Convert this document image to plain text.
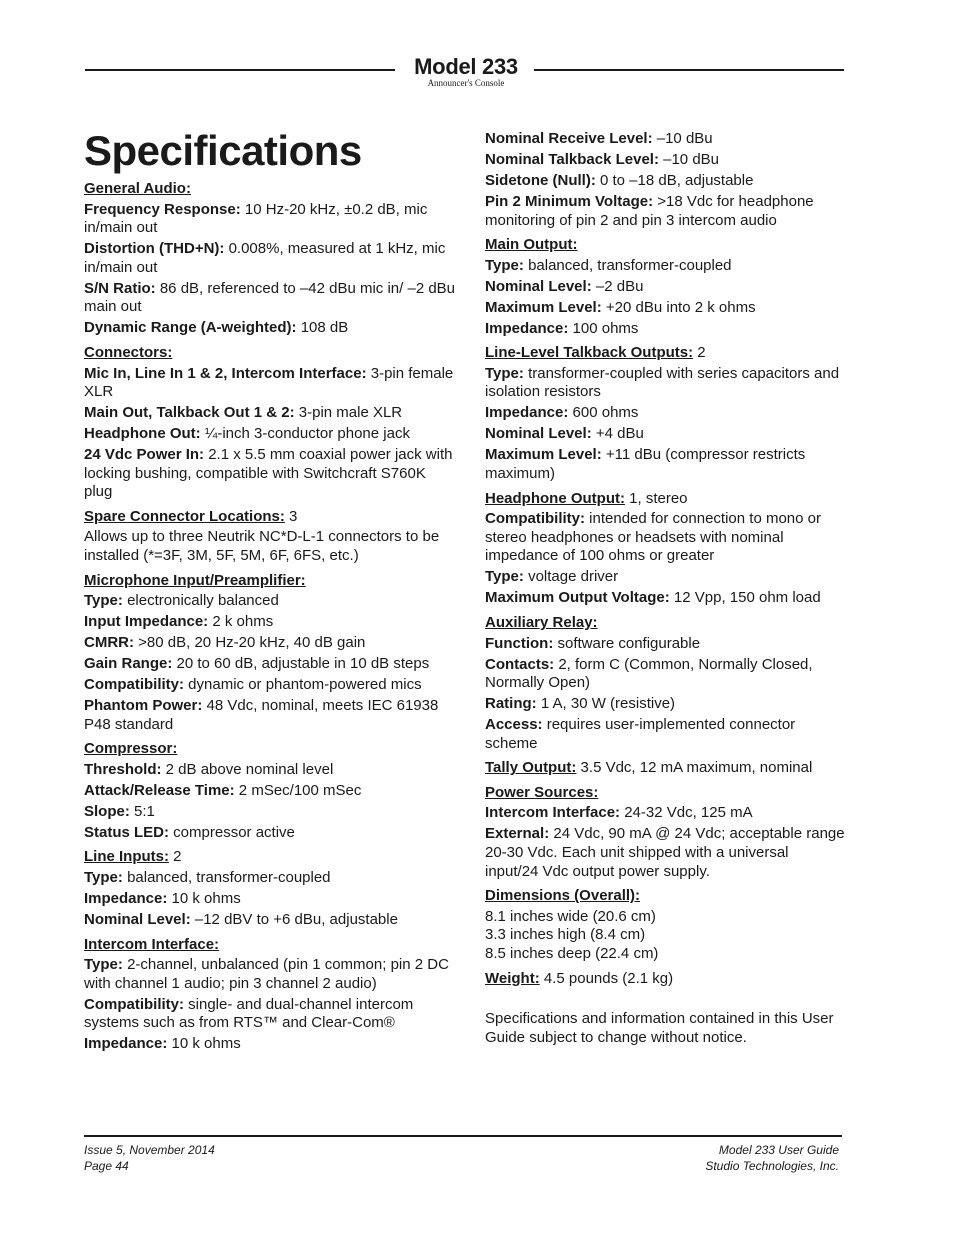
Model 233
Announcer's Console
Specifications

General Audio:

Frequency Response: 10 Hz-20 kHz, ±0.2 dB, mic in/main out

Distortion (THD+N): 0.008%, measured at 1 kHz, mic in/main out

S/N Ratio: 86 dB, referenced to –42 dBu mic in/ –2 dBu main out

Dynamic Range (A-weighted): 108 dB

Connectors:

Mic In, Line In 1 & 2, Intercom Interface: 3-pin female XLR

Main Out, Talkback Out 1 & 2: 3-pin male XLR

Headphone Out: ¼-inch 3-conductor phone jack

24 Vdc Power In: 2.1 x 5.5 mm coaxial power jack with locking bushing, compatible with Switchcraft S760K plug

Spare Connector Locations: 3

Allows up to three Neutrik NC*D-L-1 connectors to be installed (*=3F, 3M, 5F, 5M, 6F, 6FS, etc.)

Microphone Input/Preamplifier:

Type: electronically balanced

Input Impedance: 2 k ohms

CMRR: >80 dB, 20 Hz-20 kHz, 40 dB gain

Gain Range: 20 to 60 dB, adjustable in 10 dB steps

Compatibility: dynamic or phantom-powered mics

Phantom Power: 48 Vdc, nominal, meets IEC 61938 P48 standard

Compressor:

Threshold: 2 dB above nominal level

Attack/Release Time: 2 mSec/100 mSec

Slope: 5:1

Status LED: compressor active

Line Inputs: 2

Type: balanced, transformer-coupled

Impedance: 10 k ohms

Nominal Level: –12 dBV to +6 dBu, adjustable

Intercom Interface:

Type: 2-channel, unbalanced (pin 1 common; pin 2 DC with channel 1 audio; pin 3 channel 2 audio)

Compatibility: single- and dual-channel intercom systems such as from RTS™ and Clear-Com®

Impedance: 10 k ohms

Nominal Receive Level: –10 dBu

Nominal Talkback Level: –10 dBu

Sidetone (Null): 0 to –18 dB, adjustable

Pin 2 Minimum Voltage: >18 Vdc for headphone monitoring of pin 2 and pin 3 intercom audio

Main Output:

Type: balanced, transformer-coupled

Nominal Level: –2 dBu

Maximum Level: +20 dBu into 2 k ohms

Impedance: 100 ohms

Line-Level Talkback Outputs: 2

Type: transformer-coupled with series capacitors and isolation resistors

Impedance: 600 ohms

Nominal Level: +4 dBu

Maximum Level: +11 dBu (compressor restricts maximum)

Headphone Output: 1, stereo

Compatibility: intended for connection to mono or stereo headphones or headsets with nominal impedance of 100 ohms or greater

Type: voltage driver

Maximum Output Voltage: 12 Vpp, 150 ohm load

Auxiliary Relay:

Function: software configurable

Contacts: 2, form C (Common, Normally Closed, Normally Open)

Rating: 1 A, 30 W (resistive)

Access: requires user-implemented connector scheme

Tally Output: 3.5 Vdc, 12 mA maximum, nominal

Power Sources:

Intercom Interface: 24-32 Vdc, 125 mA

External: 24 Vdc, 90 mA @ 24 Vdc; acceptable range 20-30 Vdc. Each unit shipped with a universal input/24 Vdc output power supply.

Dimensions (Overall):

8.1 inches wide (20.6 cm)

3.3 inches high (8.4 cm)

8.5 inches deep (22.4 cm)

Weight: 4.5 pounds (2.1 kg)

Specifications and information contained in this User Guide subject to change without notice.

Issue 5, November 2014
Page 44
Model 233 User Guide
Studio Technologies, Inc.
